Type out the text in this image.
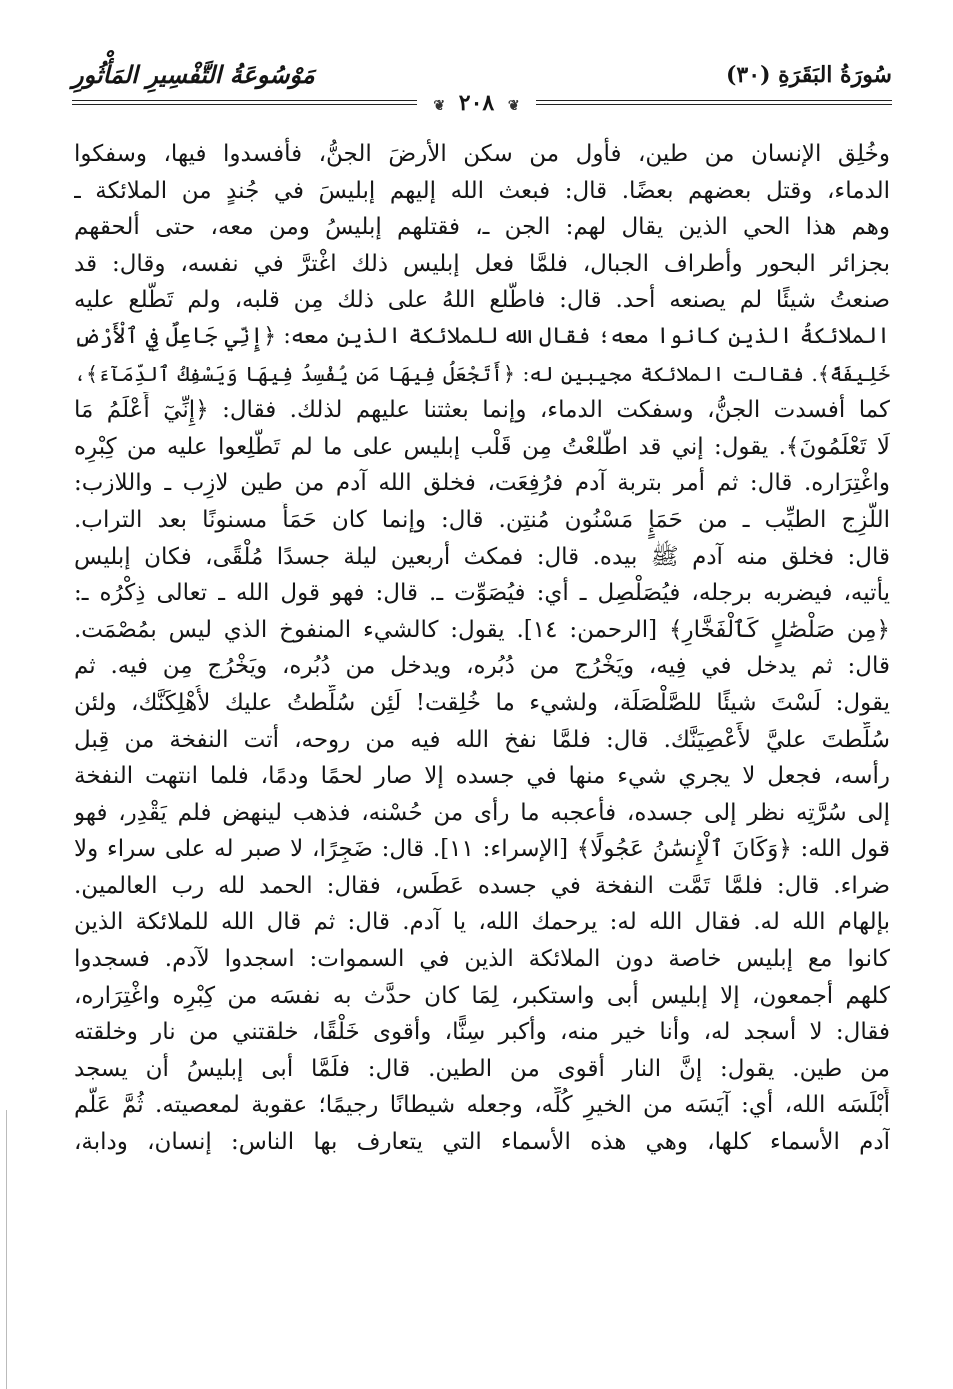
سُورَةُ البَقَرَةِ (٣٠)
مَوْسُوعَةُ التَّفْسِيرِ المَأْثُورِ
❦ ٢٠٨ ❦
وخُلِق الإنسان من طين، فأول من سكن الأرضَ الجنُّ، فأفسدوا فيها، وسفكوا
الدماء، وقتل بعضهم بعضًا. قال: فبعث الله إليهم إبليسَ في جُندٍ من الملائكة ـ
وهم هذا الحي الذين يقال لهم: الجن ـ، فقتلهم إبليسُ ومن معه، حتى ألحقهم
بجزائر البحور وأطراف الجبال، فلمَّا فعل إبليس ذلك اغْترَّ في نفسه، وقال: قد
صنعتُ شيئًا لم يصنعه أحد. قال: فاطَّلع اللهُ على ذلك مِن قلبه، ولم تَطَّلع عليه
الملائكةُ الذين كانوا معه؛ فقال الله للملائكة الذين معه: ﴿إِنِّي جَاعِلٌ فِي ٱلْأَرْضِ
خَلِيفَةً﴾. فقالت الملائكة مجيبين له: ﴿أَتَجْعَلُ فِيهَا مَن يُفْسِدُ فِيهَا وَيَسْفِكُ ٱلدِّمَآءَ﴾،
كما أفسدت الجنُّ، وسفكت الدماء، وإنما بعثتنا عليهم لذلك. فقال: ﴿إِنِّيٓ أَعْلَمُ مَا
لَا تَعْلَمُونَ﴾. يقول: إني قد اطَّلعْتُ مِن قَلْب إبليس على ما لم تَطَّلِعوا عليه من كِبْرِه
واغْتِرَاره. قال: ثم أمر بتربة آدم فرُفِعَت، فخلق الله آدم من طين لازِب ـ واللازب:
اللَّزِج الطيِّب ـ من حَمَإٍ مَسْنُون مُنتِن. قال: وإنما كان حَمَأً مسنونًا بعد التراب.
قال: فخلق منه آدم ﷺ بيده. قال: فمكث أربعين ليلة جسدًا مُلْقًى، فكان إبليس
يأتيه، فيضربه برجله، فيُصَلْصِل ـ أي: فيُصَوِّت ـ. قال: فهو قول الله ـ تعالى ذِكْرُه ـ:
﴿مِن صَلْصَٰلٍ كَٱلْفَخَّارِ﴾ [الرحمن: ١٤]. يقول: كالشيء المنفوخ الذي ليس بمُصْمَت.
قال: ثم يدخل في فِيه، ويَخْرُج من دُبُره، ويدخل من دُبُره، ويَخْرُج مِن فيه. ثم
يقول: لَسْتَ شيئًا للصَّلْصَلَة، ولشيء ما خُلِقت! لَئِن سُلِّطتُ عليك لأُهْلِكَنَّك، ولئن
سُلِّطتَ عليَّ لأَعْصِيَنَّك. قال: فلمَّا نفخ الله فيه من روحه، أتت النفخة من قِبل
رأسه، فجعل لا يجري شيء منها في جسده إلا صار لحمًا ودمًا، فلما انتهت النفخة
إلى سُرَّتِه نظر إلى جسده، فأعجبه ما رأى من حُسْنه، فذهب لينهض فلم يَقْدِر، فهو
قول الله: ﴿وَكَانَ ٱلْإِنسَٰنُ عَجُولًا﴾ [الإسراء: ١١]. قال: ضَجِرًا، لا صبر له على سراء ولا
ضراء. قال: فلمَّا تَمَّت النفخة في جسده عَطَس، فقال: الحمد لله رب العالمين.
بإلهام الله له. فقال الله له: يرحمك الله، يا آدم. قال: ثم قال الله للملائكة الذين
كانوا مع إبليس خاصة دون الملائكة الذين في السموات: اسجدوا لآدم. فسجدوا
كلهم أجمعون، إلا إبليس أبى واستكبر، لِمَا كان حدَّث به نفسَه من كِبْرِه واغْتِرَاره،
فقال: لا أسجد له، وأنا خير منه، وأكبر سِنًّا، وأقوى خَلْقًا، خلقتني من نار وخلقته
من طين. يقول: إنَّ النار أقوى من الطين. قال: فلَمَّا أبى إبليسُ أن يسجد
أَبْلَسَه الله، أي: آيَسَه من الخيرِ كُلِّه، وجعله شيطانًا رجيمًا؛ عقوبة لمعصيته. ثُمَّ عَلَّم
آدم الأسماء كلها، وهي هذه الأسماء التي يتعارف بها الناس: إنسان، ودابة،
